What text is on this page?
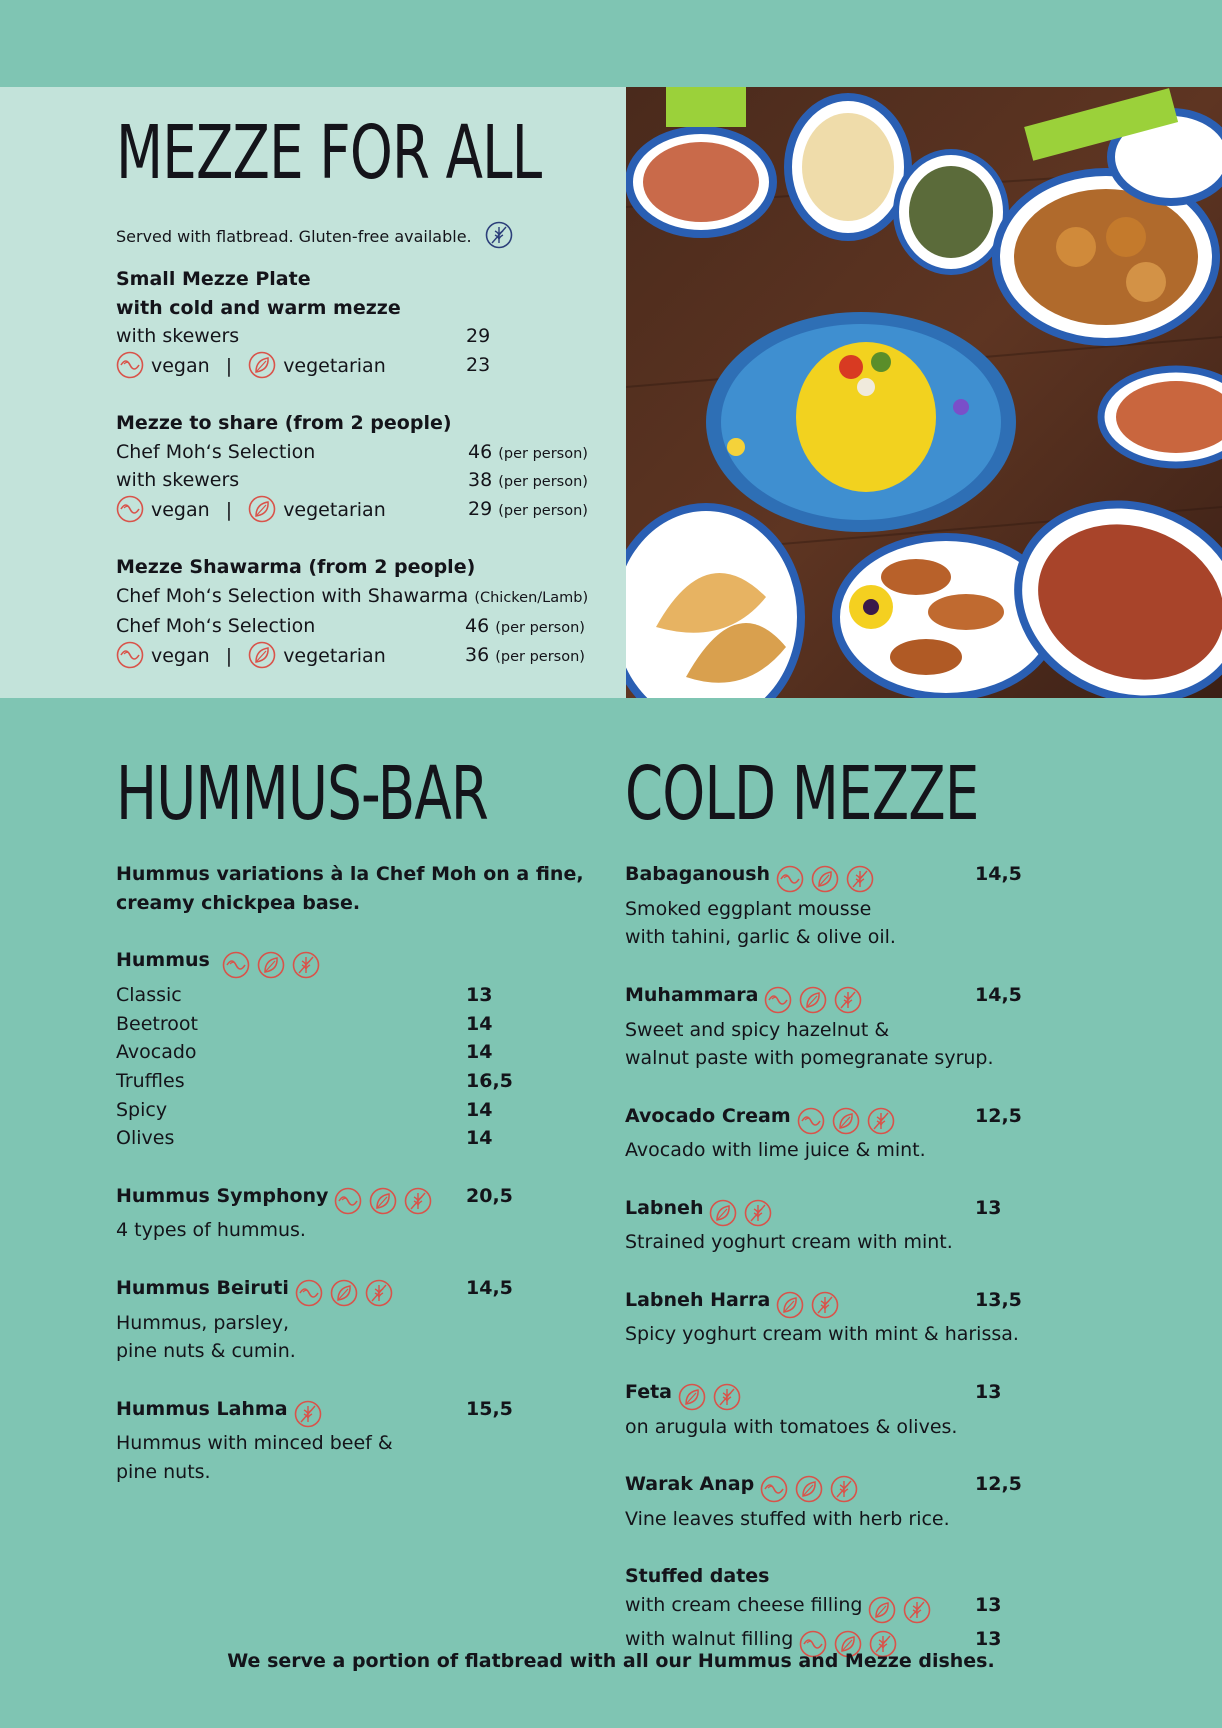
MEZZE FOR ALL
Served with flatbread. Gluten-free available.
Small Mezze Plate
with cold and warm mezze
with skewers	29
vegan |	vegetarian	23
Mezze to share (from 2 people)
Chef Moh‘s Selection	46 (per person)
with skewers	38 (per person)
vegan |	vegetarian	29 (per person)
Mezze Shawarma (from 2 people)
Chef Moh‘s Selection with Shawarma (Chicken/Lamb)
Chef Moh‘s Selection	46 (per person)
vegan |	vegetarian	36 (per person)
HUMMUS-BAR
Hummus variations à la Chef Moh on a fine,
creamy chickpea base.
Hummus
Classic	13
Beetroot	14
Avocado	14
Truffles	16,5
Spicy	14
Olives	14
Hummus Symphony	20,5
4 types of hummus.
Hummus Beiruti	14,5
Hummus, parsley,
pine nuts & cumin.
Hummus Lahma	15,5
Hummus with minced beef &
pine nuts.
COLD MEZZE
Babaganoush	14,5
Smoked eggplant mousse
with tahini, garlic & olive oil.
Muhammara	14,5
Sweet and spicy hazelnut &
walnut paste with pomegranate syrup.
Avocado Cream	12,5
Avocado with lime juice & mint.
Labneh	13
Strained yoghurt cream with mint.
Labneh Harra	13,5
Spicy yoghurt cream with mint & harissa.
Feta	13
on arugula with tomatoes & olives.
Warak Anap	12,5
Vine leaves stuffed with herb rice.
Stuffed dates
with cream cheese filling	13
with walnut filling	13
We serve a portion of flatbread with all our Hummus and Mezze dishes.
